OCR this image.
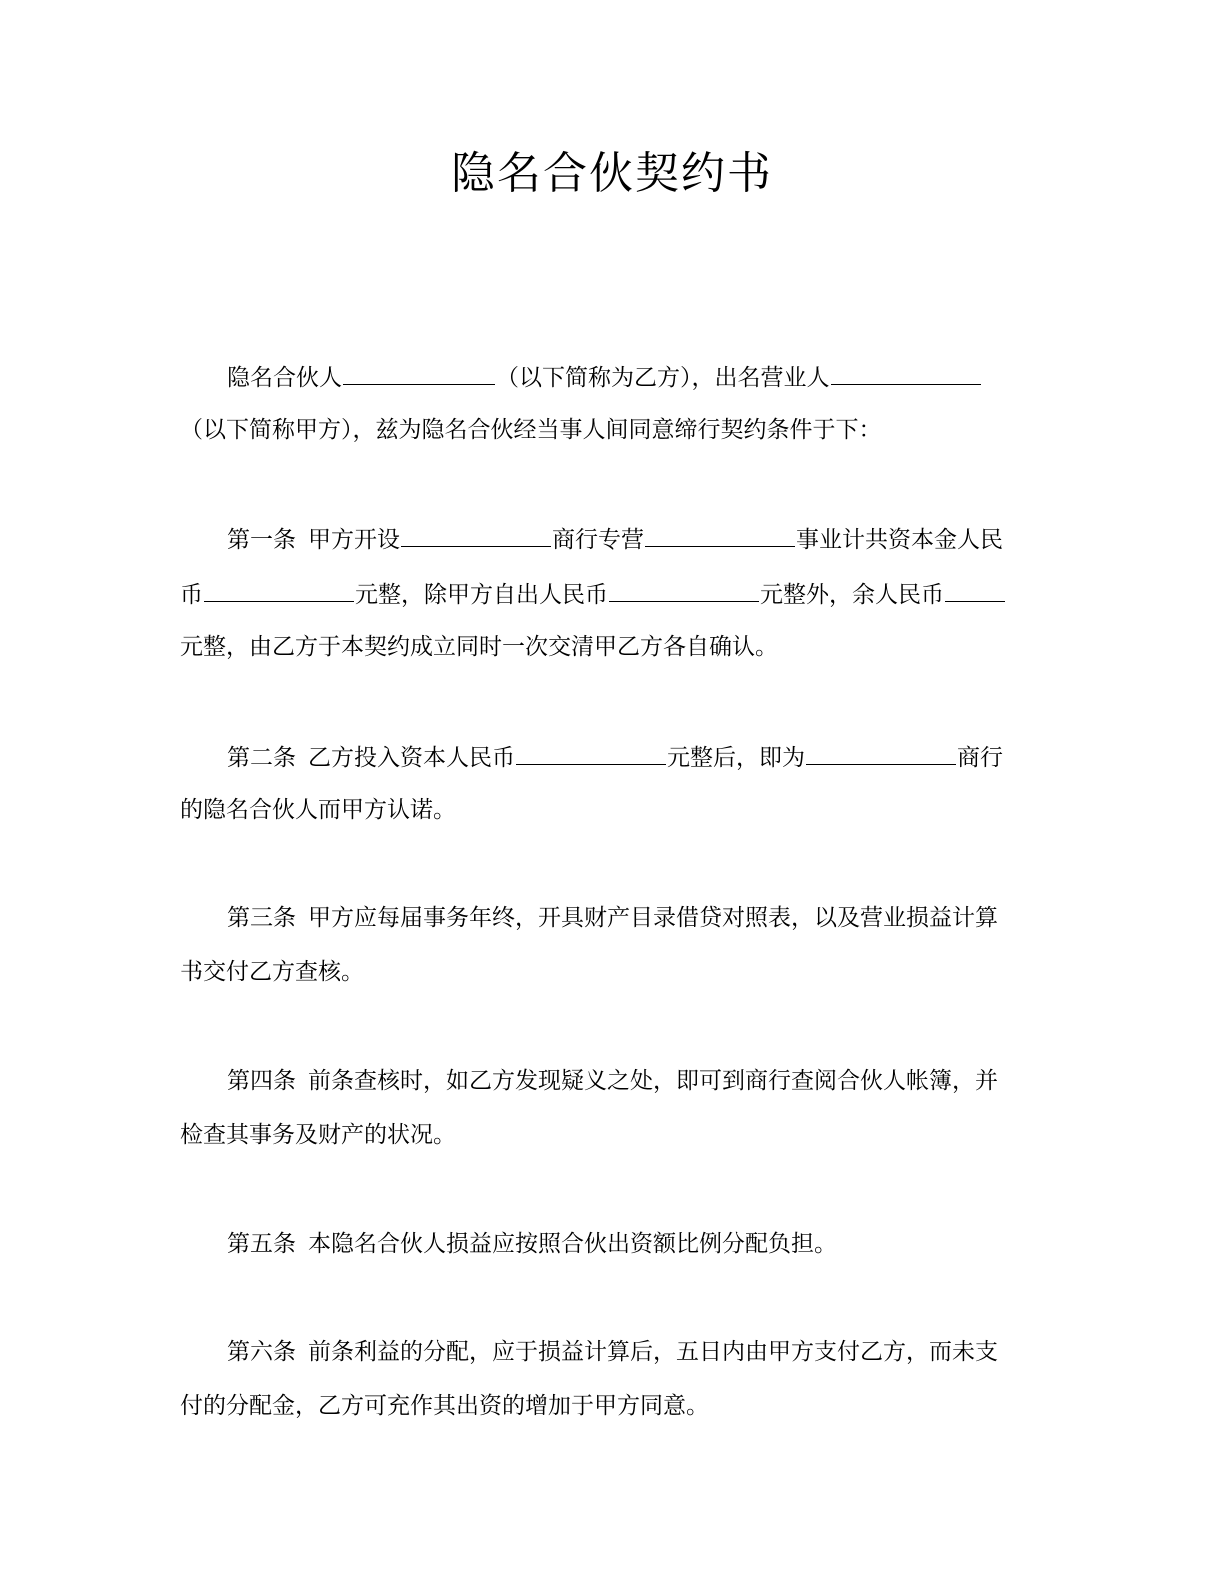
隐名合伙契约书
隐名合伙人	（以下简称为乙方），出名营业人
（以下简称甲方），兹为隐名合伙经当事人间同意缔行契约条件于下：
第一条 甲方开设	商行专营	事业计共资本金人民
币	元整，除甲方自出人民币	元整外，余人民币
元整，由乙方于本契约成立同时一次交清甲乙方各自确认。
第二条 乙方投入资本人民币	元整后，即为	商行
的隐名合伙人而甲方认诺。
第三条 甲方应每届事务年终，开具财产目录借贷对照表，以及营业损益计算
书交付乙方查核。
第四条 前条查核时，如乙方发现疑义之处，即可到商行查阅合伙人帐簿，并
检查其事务及财产的状况。
第五条 本隐名合伙人损益应按照合伙出资额比例分配负担。
第六条 前条利益的分配，应于损益计算后，五日内由甲方支付乙方，而未支
付的分配金，乙方可充作其出资的增加于甲方同意。
